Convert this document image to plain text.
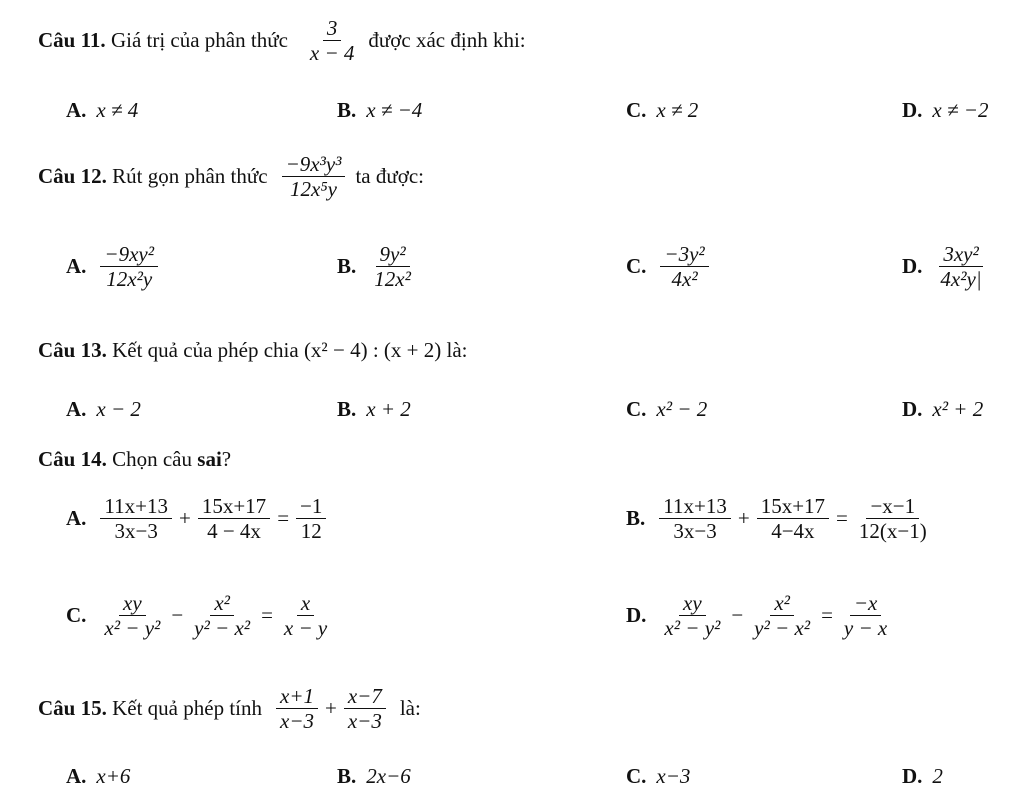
Câu 11.
Giá trị của phân thức $\frac{3}{x - 4}$ được xác định khi:
A. x ≠ 4	B. x ≠ −4	C. x ≠ 2	D. x ≠ −2
Câu 12.
Rút gọn phân thức $\frac{\text{−9x³y³}}{\text{12x⁵y}}$ ta được:
A. $\frac{\text{−9xy²}}{\text{12x²y}}$	B. $\frac{\text{9y²}}{\text{12x²}}$	C. $\frac{\text{−3y²}}{\text{4x²}}$	D. $\frac{\text{3xy²}}{\text{4x²y|}}$
Câu 13. Kết quả của phép chia (x² − 4) : (x + 2) là:
A. x − 2	B. x + 2	C. x² − 2	D. x² + 2
Câu 14. Chọn câu sai?
A. $\frac{11x+13}{3x-3} + \frac{15x+17}{4 - 4x} = \frac{-1}{12}$	B. $\frac{11x+13}{3x-3} + \frac{15x+17}{4-4x} = \frac{-x-1}{12(x-1)}$
C. $\frac{xy}{\text{x² − y²}} - \frac{\text{x²}}{\text{y² − x²}} = \frac{x}{x - y}$	D. $\frac{xy}{\text{x² − y²}} - \frac{\text{x²}}{\text{y² − x²}} = \frac{-x}{y - x}$
Câu 15.
Kết quả phép tính $\frac{x+1}{x-3} + \frac{x-7}{x-3}$ là:
A. x+6	B. 2x−6	C. x−3	D. 2
